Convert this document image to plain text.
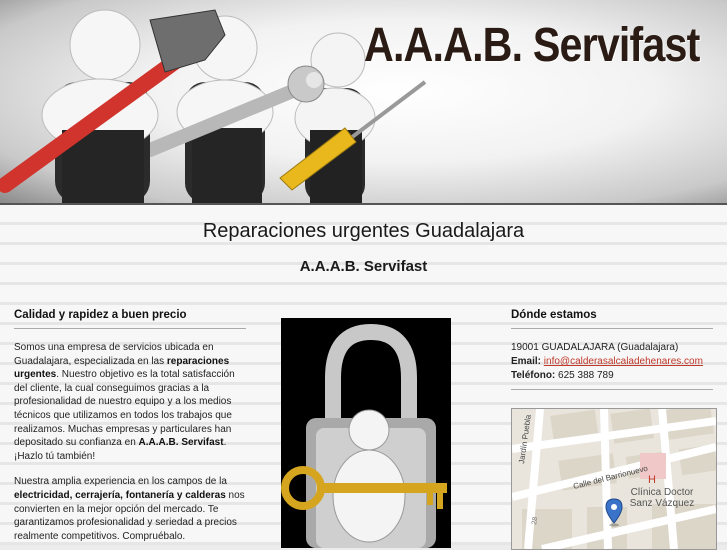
A.A.A.B. Servifast
Reparaciones urgentes Guadalajara
A.A.A.B. Servifast
Calidad y rapidez a buen precio

Somos una empresa de servicios ubicada en Guadalajara, especializada en las reparaciones urgentes. Nuestro objetivo es la total satisfacción del cliente, la cual conseguimos gracias a la profesionalidad de nuestro equipo y a los medios técnicos que utilizamos en todos los trabajos que realizamos. Muchas empresas y particulares han depositado su confianza en A.A.A.B. Servifast. ¡Hazlo tú también!

Nuestra amplia experiencia en los campos de la electricidad, cerrajería, fontanería y calderas nos convierten en la mejor opción del mercado. Te garantizamos profesionalidad y seriedad a precios realmente competitivos. Compruébalo.

Dónde estamos
19001 GUADALAJARA (Guadalajara)
Email: info@calderasalcaladehenares.com
Teléfono: 625 388 789
H
Clínica Doctor
Sanz Vázquez
Jardín Puebla
Calle del Barrionuevo
28
